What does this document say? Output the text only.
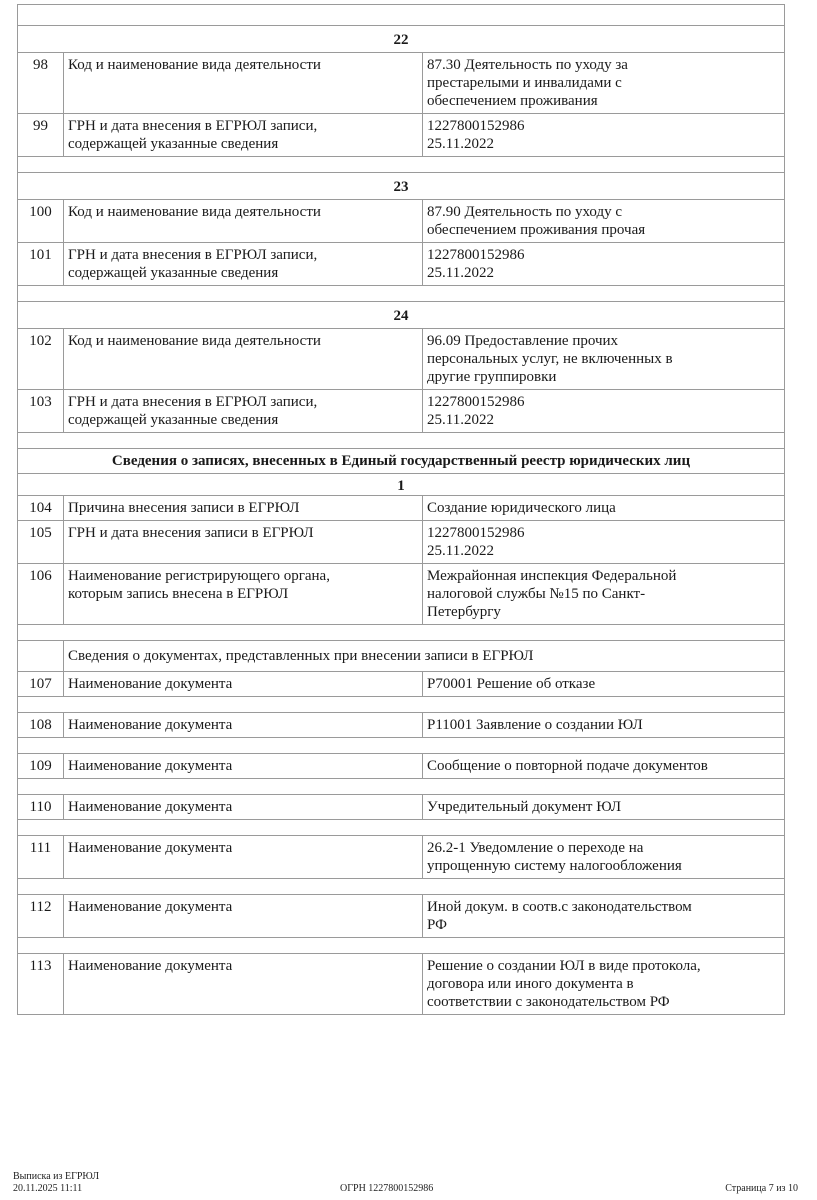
22		
98	Код и наименование вида деятельности	87.30 Деятельность по уходу за
престарелыми и инвалидами с
обеспечением проживания

99	ГРН и дата внесения в ЕГРЮЛ записи,
содержащей указанные сведения	1227800152986
25.11.2022

23		
100	Код и наименование вида деятельности	87.90 Деятельность по уходу с
обеспечением проживания прочая

101	ГРН и дата внесения в ЕГРЮЛ записи,
содержащей указанные сведения	1227800152986
25.11.2022

24		
102	Код и наименование вида деятельности	96.09 Предоставление прочих
персональных услуг, не включенных в
другие группировки

103	ГРН и дата внесения в ЕГРЮЛ записи,
содержащей указанные сведения	1227800152986
25.11.2022

Сведения о записях, внесенных в Единый государственный реестр юридических лиц		
1		
104	Причина внесения записи в ЕГРЮЛ	Создание юридического лица

105	ГРН и дата внесения записи в ЕГРЮЛ	1227800152986
25.11.2022

106	Наименование регистрирующего органа,
которым запись внесена в ЕГРЮЛ	Межрайонная инспекция Федеральной
налоговой службы №15 по Санкт-
Петербургу

	Сведения о документах, представленных при внесении записи в ЕГРЮЛ	
107	Наименование документа	Р70001 Решение об отказе

108	Наименование документа	Р11001 Заявление о создании ЮЛ

109	Наименование документа	Сообщение о повторной подаче документов

110	Наименование документа	Учредительный документ ЮЛ

111	Наименование документа	26.2-1 Уведомление о переходе на
упрощенную систему налогообложения

112	Наименование документа	Иной докум. в соотв.с законодательством
РФ

113	Наименование документа	Решение о создании ЮЛ в виде протокола,
договора или иного документа в
соответствии с законодательством РФ
Выписка из ЕГРЮЛ
20.11.2025 11:11	ОГРН 1227800152986	Страница 7 из 10
